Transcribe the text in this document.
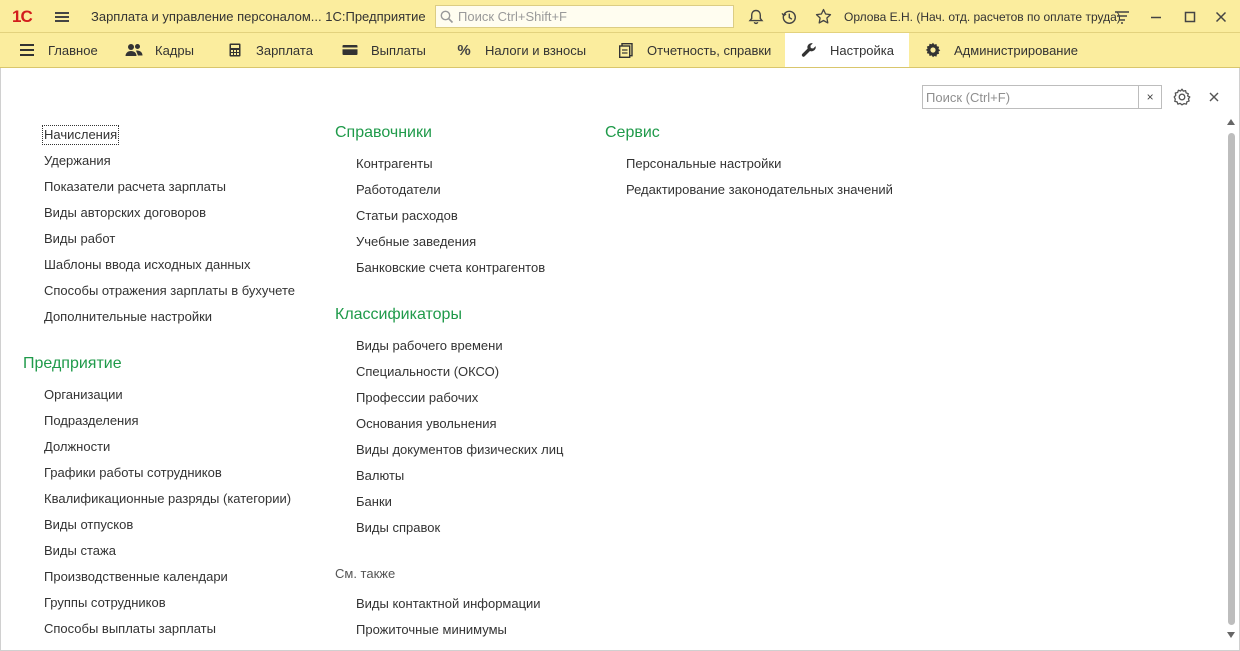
1С	Зарплата и управление персоналом... 1С:Предприятие
Поиск Ctrl+Shift+F	Орлова Е.Н. (Нач. отд. расчетов по оплате труда)
Главное	Кадры	Зарплата	Выплаты % Налоги и взносы	Отчетность, справки	Настройка	Администрирование
Поиск (Ctrl+F)
×
Начисления
Удержания
Показатели расчета зарплаты
Виды авторских договоров
Виды работ
Шаблоны ввода исходных данных
Способы отражения зарплаты в бухучете
Дополнительные настройки
Предприятие
Организации
Подразделения
Должности
Графики работы сотрудников
Квалификационные разряды (категории)
Виды отпусков
Виды стажа
Производственные календари
Группы сотрудников
Способы выплаты зарплаты
Справочники
Контрагенты
Работодатели
Статьи расходов
Учебные заведения
Банковские счета контрагентов
Классификаторы
Виды рабочего времени
Специальности (ОКСО)
Профессии рабочих
Основания увольнения
Виды документов физических лиц
Валюты
Банки
Виды справок
См. также
Виды контактной информации
Прожиточные минимумы
Сервис
Персональные настройки
Редактирование законодательных значений
